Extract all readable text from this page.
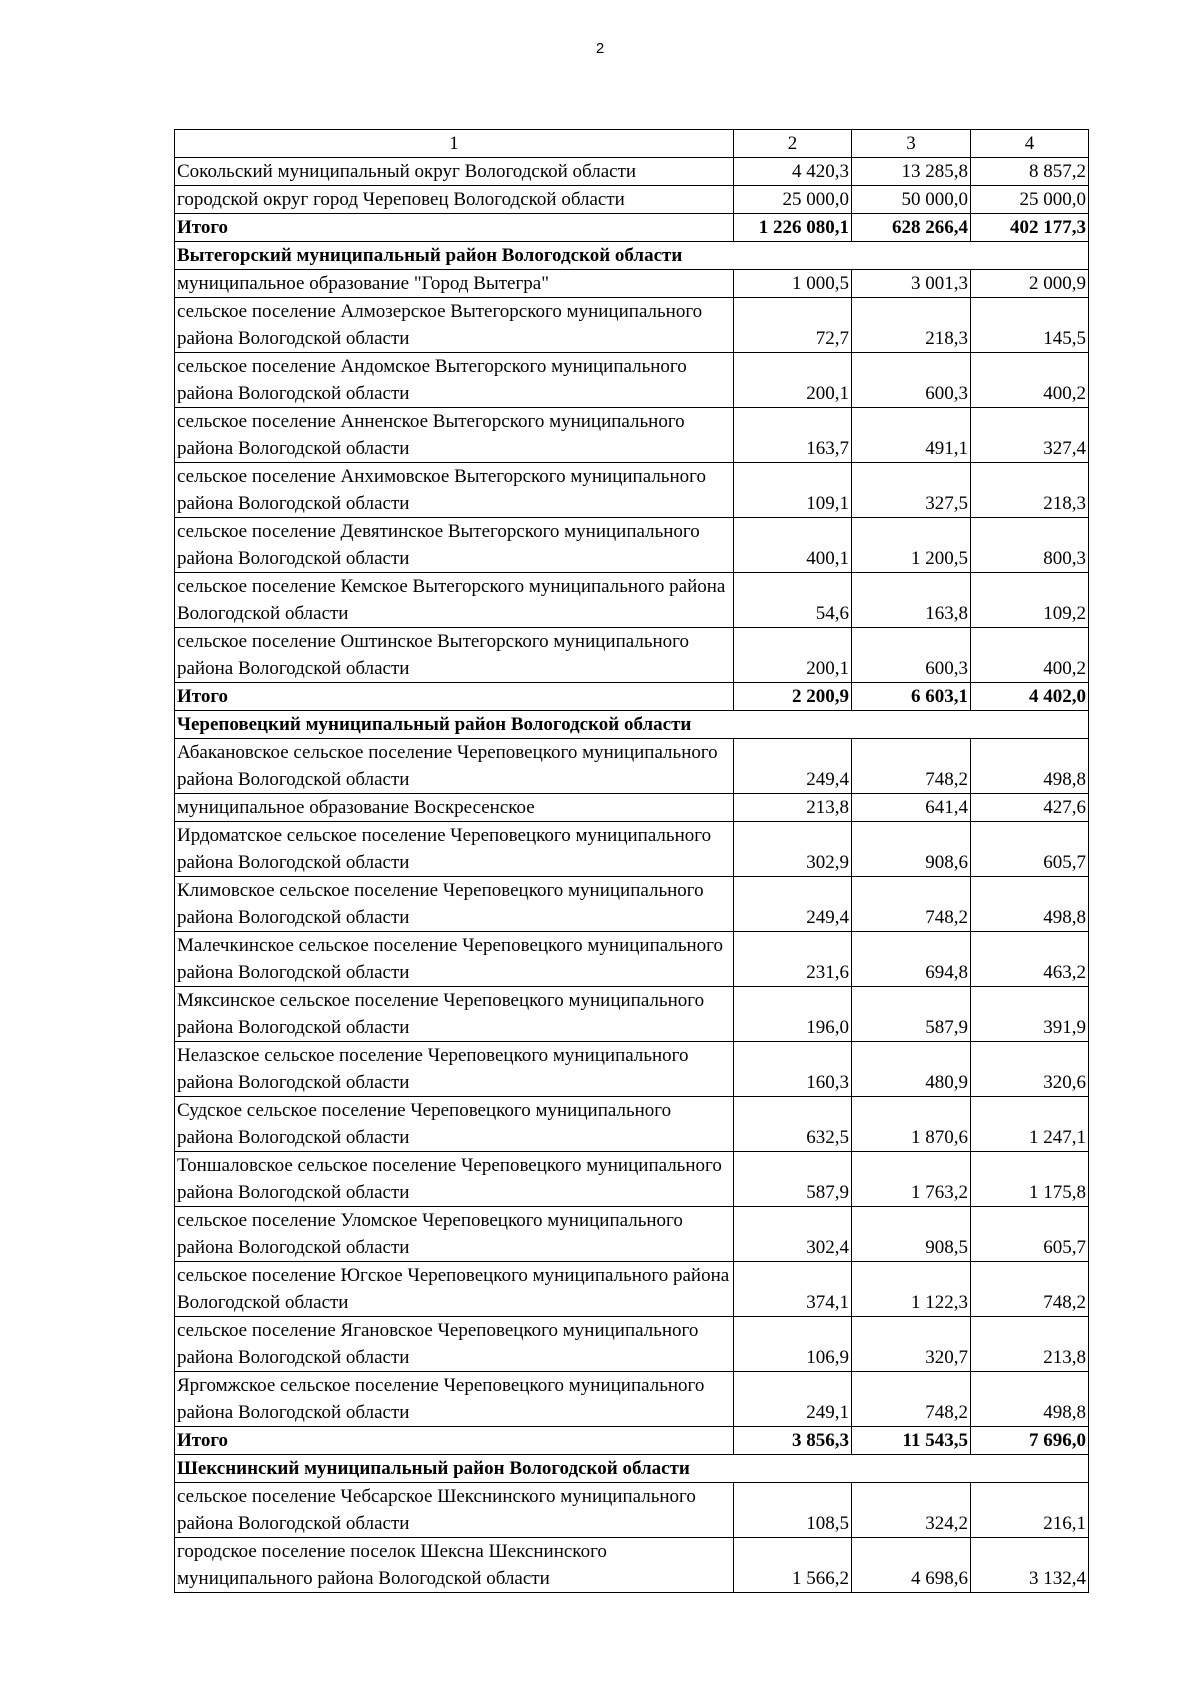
2
1	2	3	4
Сокольский муниципальный округ Вологодской области	4 420,3	13 285,8	8 857,2
городской округ город Череповец Вологодской области	25 000,0	50 000,0	25 000,0
Итого	1 226 080,1	628 266,4	402 177,3
Вытегорский муниципальный район Вологодской области			
муниципальное образование "Город Вытегра"	1 000,5	3 001,3	2 000,9
сельское поселение Алмозерское Вытегорского муниципального района Вологодской области	72,7	218,3	145,5
сельское поселение Андомское Вытегорского муниципального района Вологодской области	200,1	600,3	400,2
сельское поселение Анненское Вытегорского муниципального района Вологодской области	163,7	491,1	327,4
сельское поселение Анхимовское Вытегорского муниципального района Вологодской области	109,1	327,5	218,3
сельское поселение Девятинское Вытегорского муниципального района Вологодской области	400,1	1 200,5	800,3
сельское поселение Кемское Вытегорского муниципального района Вологодской области	54,6	163,8	109,2
сельское поселение Оштинское Вытегорского муниципального района Вологодской области	200,1	600,3	400,2
Итого	2 200,9	6 603,1	4 402,0
Череповецкий муниципальный район Вологодской области			
Абакановское сельское поселение Череповецкого муниципального района Вологодской области	249,4	748,2	498,8
муниципальное образование Воскресенское	213,8	641,4	427,6
Ирдоматское сельское поселение Череповецкого муниципального района Вологодской области	302,9	908,6	605,7
Климовское сельское поселение Череповецкого муниципального района Вологодской области	249,4	748,2	498,8
Малечкинское сельское поселение Череповецкого муниципального района Вологодской области	231,6	694,8	463,2
Мяксинское сельское поселение Череповецкого муниципального района Вологодской области	196,0	587,9	391,9
Нелазское сельское поселение Череповецкого муниципального района Вологодской области	160,3	480,9	320,6
Судское сельское поселение Череповецкого муниципального района Вологодской области	632,5	1 870,6	1 247,1
Тоншаловское сельское поселение Череповецкого муниципального района Вологодской области	587,9	1 763,2	1 175,8
сельское поселение Уломское Череповецкого муниципального района Вологодской области	302,4	908,5	605,7
сельское поселение Югское Череповецкого муниципального района Вологодской области	374,1	1 122,3	748,2
сельское поселение Ягановское Череповецкого муниципального района Вологодской области	106,9	320,7	213,8
Яргомжское сельское поселение Череповецкого муниципального района Вологодской области	249,1	748,2	498,8
Итого	3 856,3	11 543,5	7 696,0
Шекснинский муниципальный район Вологодской области			
сельское поселение Чебсарское Шекснинского муниципального района Вологодской области	108,5	324,2	216,1
городское поселение поселок Шексна Шекснинского муниципального района Вологодской области	1 566,2	4 698,6	3 132,4
